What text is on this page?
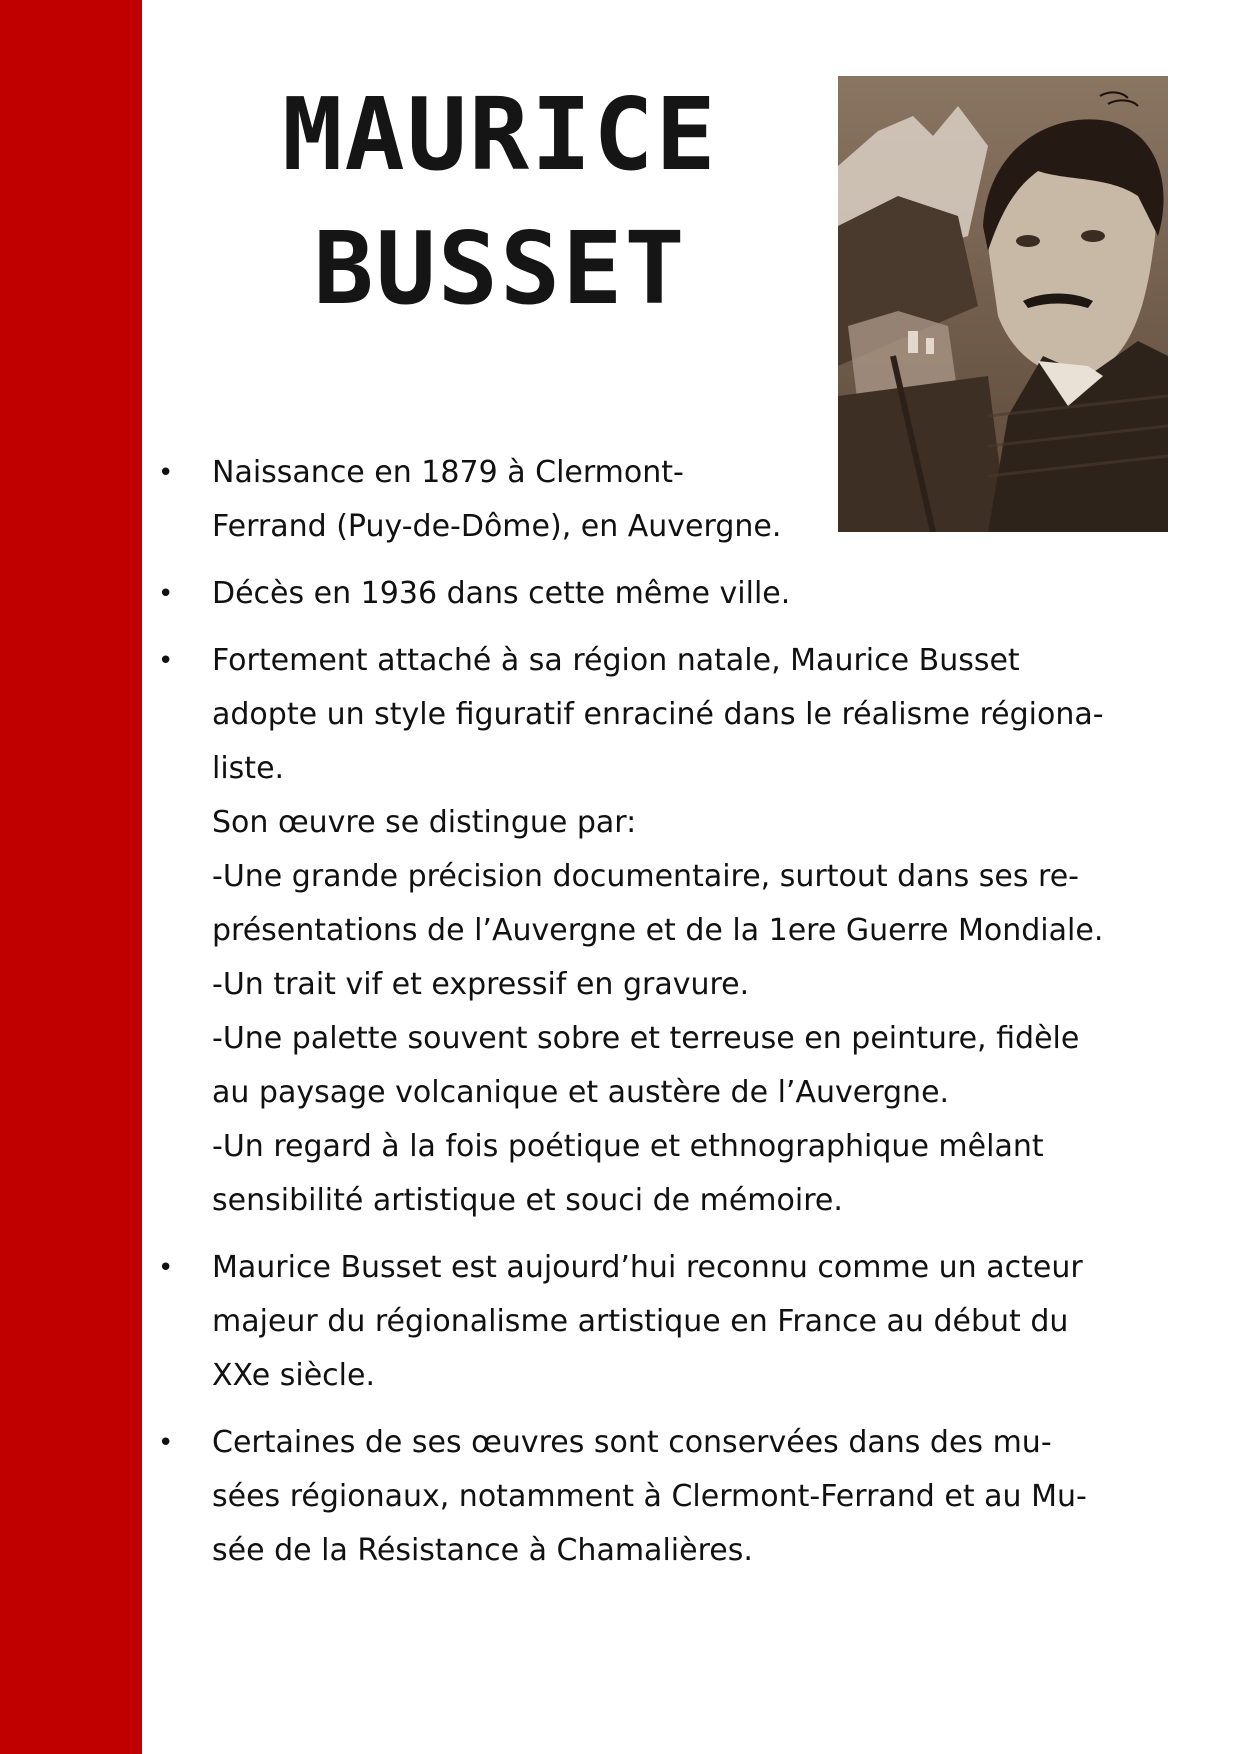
MAURICE
BUSSET
• Naissance en 1879 à Clermont-
Ferrand (Puy-de-Dôme), en Auvergne.
• Décès en 1936 dans cette même ville.
• Fortement attaché à sa région natale, Maurice Busset
adopte un style figuratif enraciné dans le réalisme régiona-
liste.
Son œuvre se distingue par:
-Une grande précision documentaire, surtout dans ses re-
présentations de l’Auvergne et de la 1ere Guerre Mondiale.
-Un trait vif et expressif en gravure.
-Une palette souvent sobre et terreuse en peinture, fidèle
au paysage volcanique et austère de l’Auvergne.
-Un regard à la fois poétique et ethnographique mêlant
sensibilité artistique et souci de mémoire.
• Maurice Busset est aujourd’hui reconnu comme un acteur
majeur du régionalisme artistique en France au début du
XXe siècle.
• Certaines de ses œuvres sont conservées dans des mu-
sées régionaux, notamment à Clermont-Ferrand et au Mu-
sée de la Résistance à Chamalières.
